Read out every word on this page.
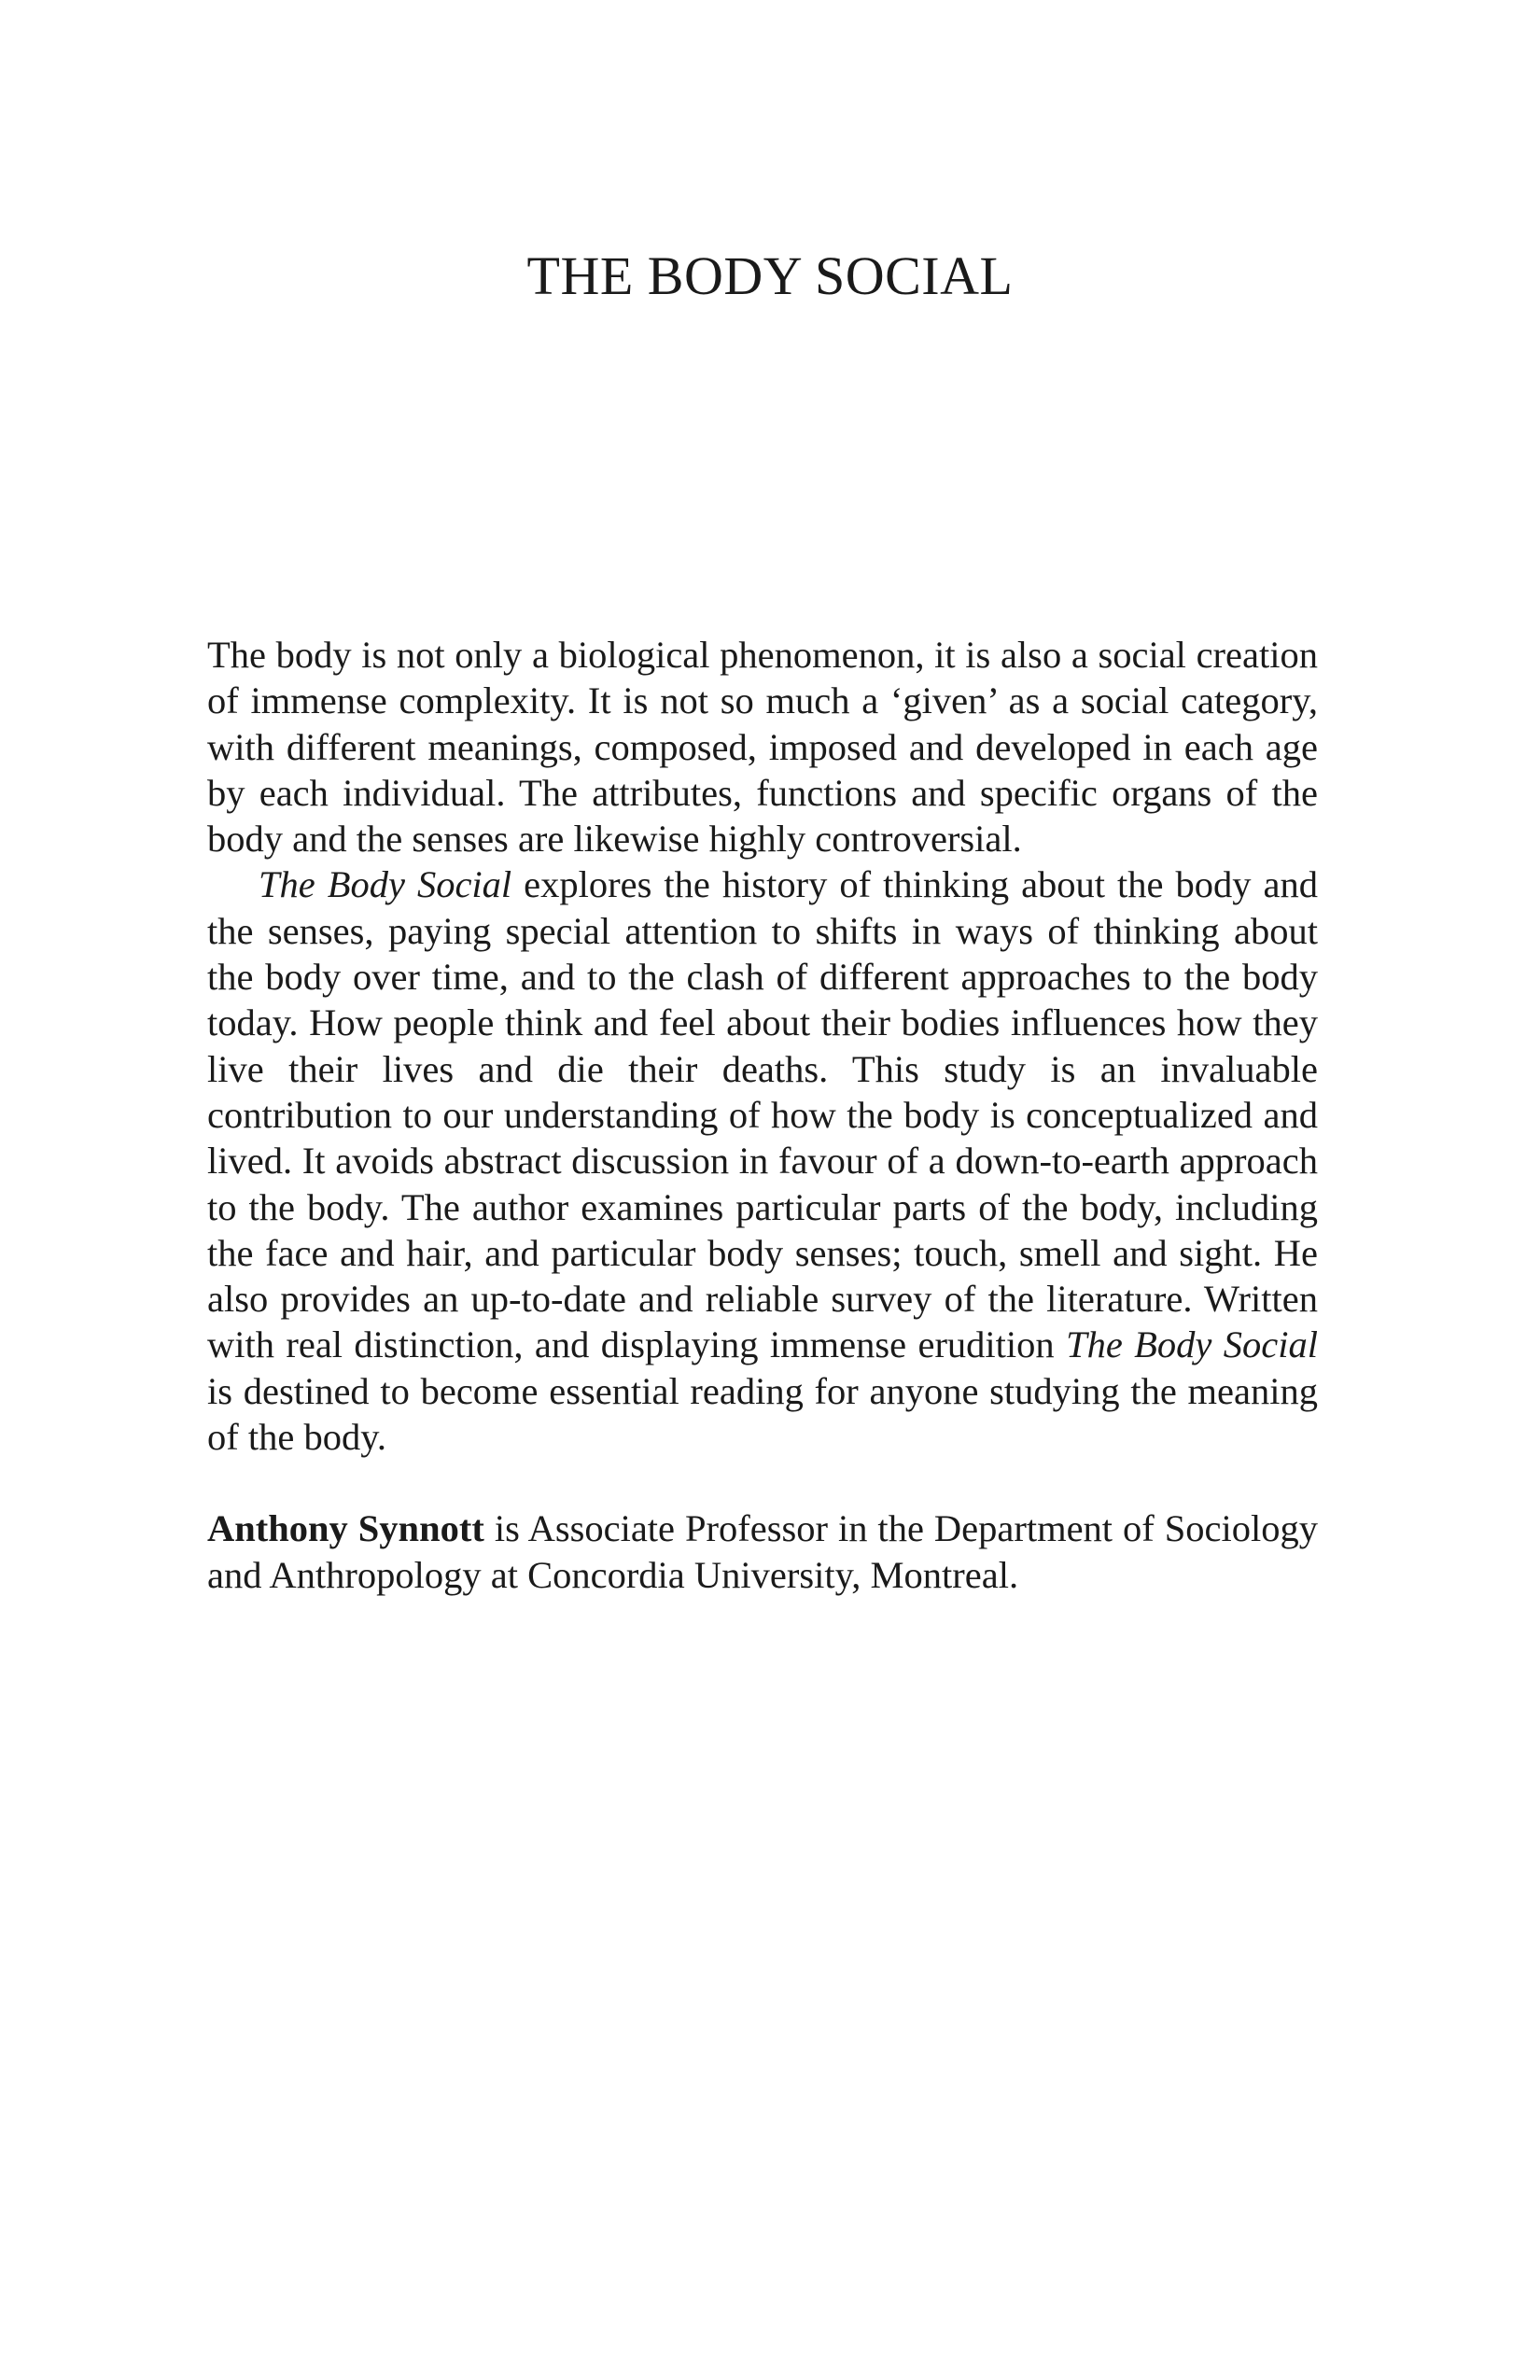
THE BODY SOCIAL

The body is not only a biological phenomenon, it is also a social creation of immense complexity. It is not so much a ‘given’ as a social category, with different meanings, composed, imposed and developed in each age by each individual. The attributes, functions and specific organs of the body and the senses are likewise highly controversial.

The Body Social explores the history of thinking about the body and the senses, paying special attention to shifts in ways of thinking about the body over time, and to the clash of different approaches to the body today. How people think and feel about their bodies influences how they live their lives and die their deaths. This study is an invaluable contribution to our understanding of how the body is conceptualized and lived. It avoids abstract discussion in favour of a down-to-earth approach to the body. The author examines particular parts of the body, including the face and hair, and particular body senses; touch, smell and sight. He also provides an up-to-date and reliable survey of the literature. Written with real distinction, and displaying immense erudition The Body Social is destined to become essential reading for anyone studying the meaning of the body.

Anthony Synnott is Associate Professor in the Department of Sociology and Anthropology at Concordia University, Montreal.
